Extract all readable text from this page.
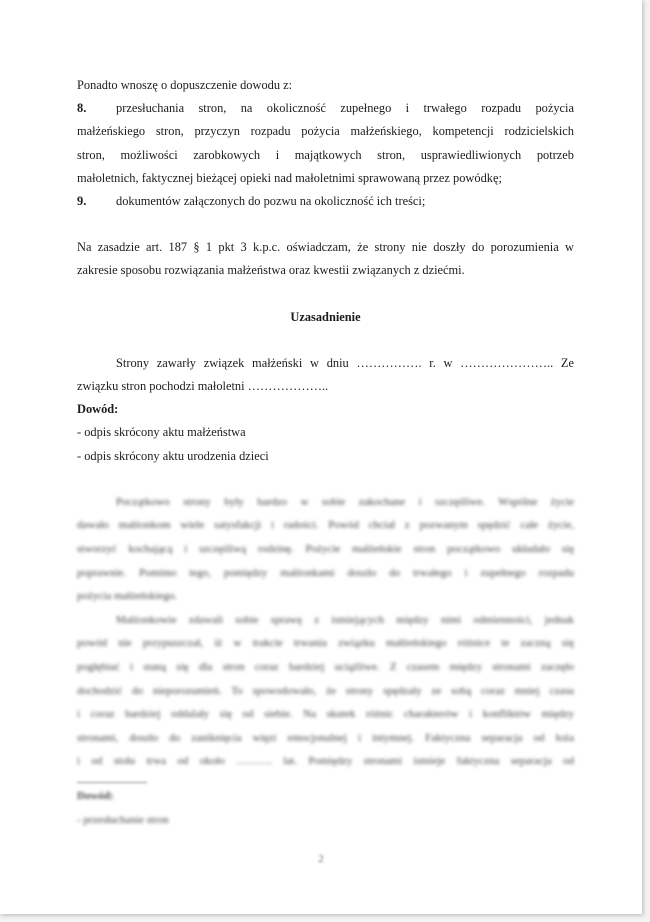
Ponadto wnoszę o dopuszczenie dowodu z:

8.	przesłuchania stron, na okoliczność zupełnego i trwałego rozpadu pożycia

małżeńskiego stron, przyczyn rozpadu pożycia małżeńskiego, kompetencji rodzicielskich

stron, możliwości zarobkowych i majątkowych stron, usprawiedliwionych potrzeb

małoletnich, faktycznej bieżącej opieki nad małoletnimi sprawowaną przez powódkę;

9.	dokumentów załączonych do pozwu na okoliczność ich treści;

Na zasadzie art. 187 § 1 pkt 3 k.p.c. oświadczam, że strony nie doszły do porozumienia w

zakresie sposobu rozwiązania małżeństwa oraz kwestii związanych z dziećmi.

Uzasadnienie

Strony zawarły związek małżeński w dniu ……………. r. w ………………….. Ze

związku stron pochodzi małoletni ………………..

Dowód:

- odpis skrócony aktu małżeństwa

- odpis skrócony aktu urodzenia dzieci

Początkowo strony były bardzo w sobie zakochane i szczęśliwe. Wspólne życie

dawało małżonkom wiele satysfakcji i radości. Powód chciał z pozwanym spędzić całe życie,

stworzyć kochającą i szczęśliwą rodzinę. Pożycie małżeńskie stron początkowo układało się

poprawnie. Pomimo tego, pomiędzy małżonkami doszło do trwałego i zupełnego rozpadu

pożycia małżeńskiego.

Małżonkowie zdawali sobie sprawę z istniejących między nimi odmienności, jednak

powód nie przypuszczał, iż w trakcie trwania związku małżeńskiego różnice te zaczną się

pogłębiać i staną się dla stron coraz bardziej uciążliwe. Z czasem między stronami zaczęło

dochodzić do nieporozumień. To spowodowało, że strony spędzały ze sobą coraz mniej czasu

i coraz bardziej oddalały się od siebie. Na skutek różnic charakterów i konfliktów między

stronami, doszło do zaniknięcia więzi emocjonalnej i intymnej. Faktyczna separacja od łoża

i od stołu trwa od około ………. lat. Pomiędzy stronami istnieje faktyczna separacja od

Dowód:

- przesłuchanie stron

2
